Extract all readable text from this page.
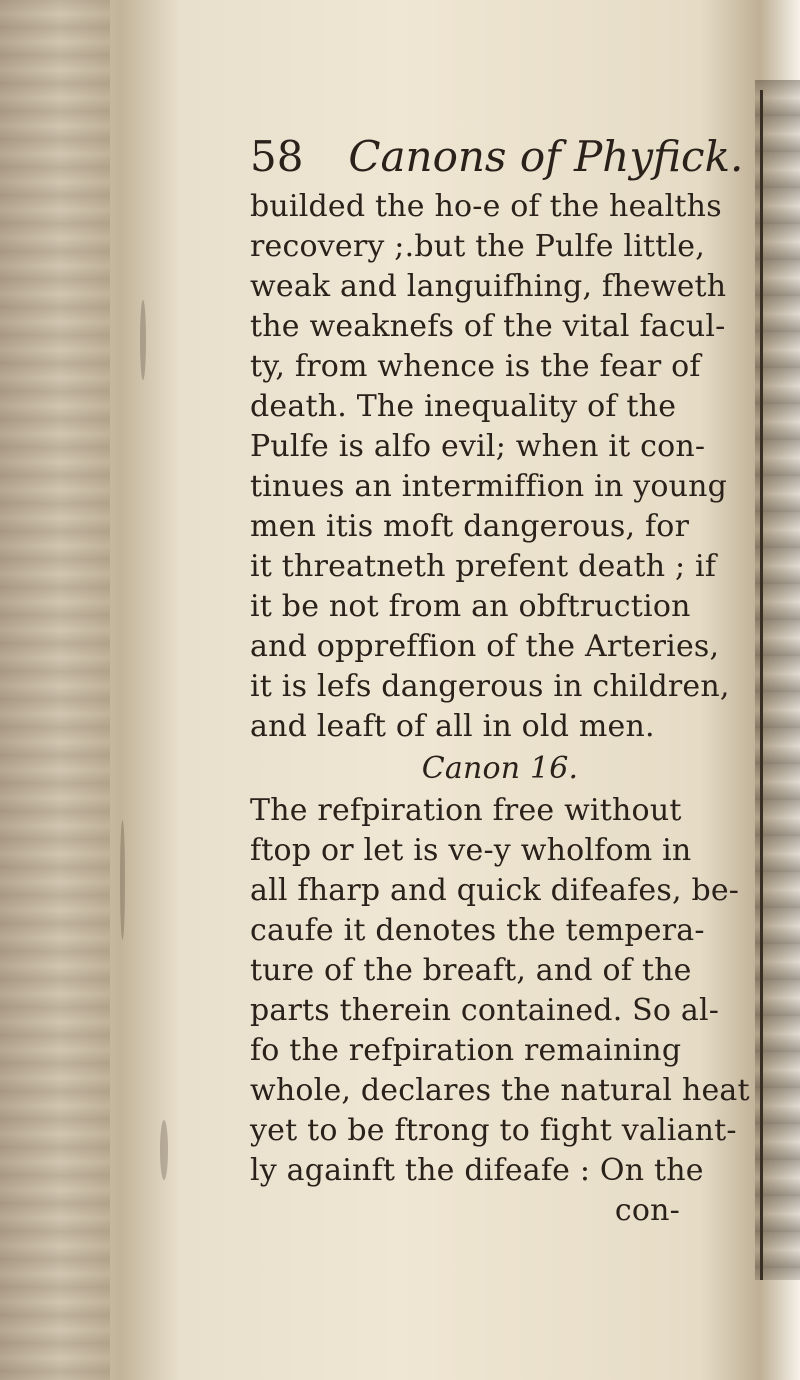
58 Canons of Phyfick.
builded the ho-e of the healths
recovery ;.but the Pulfe little,
weak and languifhing, fheweth
the weaknefs of the vital facul-
ty, from whence is the fear of
death. The inequality of the
Pulfe is alfo evil; when it con-
tinues an intermiffion in young
men itis moft dangerous, for
it threatneth prefent death ; if
it be not from an obftruction
and oppreffion of the Arteries,
it is lefs dangerous in children,
and leaft of all in old men.
Canon 16.
The refpiration free without
ftop or let is ve-y wholfom in
all fharp and quick difeafes, be-
caufe it denotes the tempera-
ture of the breaft, and of the
parts therein contained. So al-
fo the refpiration remaining
whole, declares the natural heat
yet to be ftrong to fight valiant-
ly againft the difeafe : On the
con-
